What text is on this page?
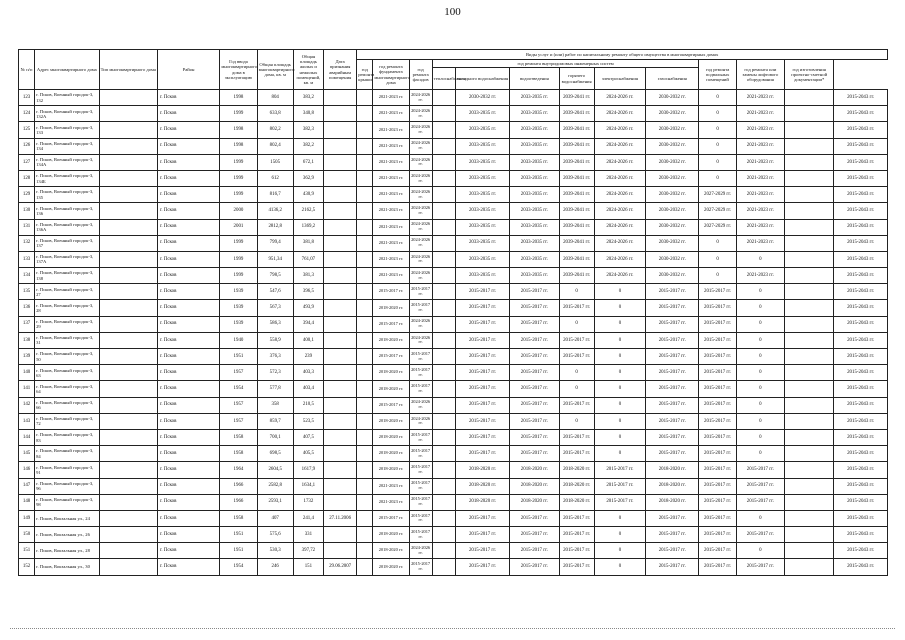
100
№ п/п	Адрес многоквартирного дома	Тип многоквартирного дома	Район	Год ввода многоквартирного дома в эксплуатацию	Общая площадь многоквартирного дома, кв. м	Общая площадь жилых и нежилых помещений, кв. м	Дата признания аварийным помещения	Виды услуг и (или) работ по капитальному ремонту общего имущества в многоквартирных домах												
								год ремонта крыши	год ремонта фундамента многоквартирного дома	год ремонта фасадов	год ремонта внутридомовых инженерных систем						год ремонта подвальных помещений	год ремонта или замены лифтового оборудования	год изготовления проектно-сметной документации*	
											теплоснабжения	холодного водоснабжения	водоотведения	горячего водоснабжения	электроснабжения	газоснабжения				
123	г. Псков, Военный городок-3, 132		г. Псков	1998	804	383,2			2021-2023 гг.	2024-2026 гг.		2030-2032 гг.	2033-2035 гг.	2039-2041 гг.	2024-2026 гг.	2030-2032 гг.	0	2021-2023 гг.		2015-2043 гг.
124	г. Псков, Военный городок-3, 132А		г. Псков	1999	633,8	340,8			2021-2023 гг.	2024-2026 гг.		2033-2035 гг.	2033-2035 гг.	2039-2041 гг.	2024-2026 гг.	2030-2032 гг.	0	2021-2023 гг.		2015-2043 гг.
125	г. Псков, Военный городок-3, 133		г. Псков	1998	802,2	382,3			2021-2023 гг.	2024-2026 гг.		2033-2035 гг.	2033-2035 гг.	2039-2041 гг.	2024-2026 гг.	2030-2032 гг.	0	2021-2023 гг.		2015-2043 гг.
126	г. Псков, Военный городок-3, 134		г. Псков	1998	802,4	382,2			2021-2023 гг.	2024-2026 гг.		2033-2035 гг.	2033-2035 гг.	2039-2041 гг.	2024-2026 гг.	2030-2032 гг.	0	2021-2023 гг.		2015-2043 гг.
127	г. Псков, Военный городок-3, 134А		г. Псков	1999	1505	672,1			2021-2023 гг.	2024-2026 гг.		2033-2035 гг.	2033-2035 гг.	2039-2041 гг.	2024-2026 гг.	2030-2032 гг.	0	2021-2023 гг.		2015-2043 гг.
128	г. Псков, Военный городок-3, 134Б		г. Псков	1999	612	362,9			2021-2023 гг.	2024-2026 гг.		2033-2035 гг.	2033-2035 гг.	2039-2041 гг.	2024-2026 гг.	2030-2032 гг.	0	2021-2023 гг.		2015-2043 гг.
129	г. Псков, Военный городок-3, 135		г. Псков	1999	816,7	430,9			2021-2023 гг.	2024-2026 гг.		2033-2035 гг.	2033-2035 гг.	2039-2041 гг.	2024-2026 гг.	2030-2032 гг.	2027-2029 гг.	2021-2023 гг.		2015-2043 гг.
130	г. Псков, Военный городок-3, 136		г. Псков	2000	4136,2	2162,5			2021-2023 гг.	2024-2026 гг.		2033-2035 гг.	2033-2035 гг.	2039-2041 гг.	2024-2026 гг.	2030-2032 гг.	2027-2029 гг.	2021-2023 гг.		2015-2043 гг.
131	г. Псков, Военный городок-3, 136А		г. Псков	2001	2812,8	1369,2			2021-2023 гг.	2024-2026 гг.		2033-2035 гг.	2033-2035 гг.	2039-2041 гг.	2024-2026 гг.	2030-2032 гг.	2027-2029 гг.	2021-2023 гг.		2015-2043 гг.
132	г. Псков, Военный городок-3, 137		г. Псков	1999	799,4	381,8			2021-2023 гг.	2024-2026 гг.		2033-2035 гг.	2033-2035 гг.	2039-2041 гг.	2024-2026 гг.	2030-2032 гг.	0	2021-2023 гг.		2015-2043 гг.
133	г. Псков, Военный городок-3, 137А		г. Псков	1999	951,34	761,07			2021-2023 гг.	2024-2026 гг.		2033-2035 гг.	2033-2035 гг.	2039-2041 гг.	2024-2026 гг.	2030-2032 гг.	0	0		2015-2043 гг.
134	г. Псков, Военный городок-3, 138		г. Псков	1999	798,5	381,3			2021-2023 гг.	2024-2026 гг.		2033-2035 гг.	2033-2035 гг.	2039-2041 гг.	2024-2026 гг.	2030-2032 гг.	0	2021-2023 гг.		2015-2043 гг.
135	г. Псков, Военный городок-3, 27		г. Псков	1939	547,6	396,5			2015-2017 гг.	2015-2017 гг.		2015-2017 гг.	2015-2017 гг.	0	0	2015-2017 гг.	2015-2017 гг.	0		2015-2043 гг.
136	г. Псков, Военный городок-3, 28		г. Псков	1939	567,3	493,9			2018-2020 гг.	2015-2017 гг.		2015-2017 гг.	2015-2017 гг.	2015-2017 гг.	0	2015-2017 гг.	2015-2017 гг.	0		2015-2043 гг.
137	г. Псков, Военный городок-3, 29		г. Псков	1939	586,3	394,4			2015-2017 гг.	2024-2026 гг.		2015-2017 гг.	2015-2017 гг.	0	0	2015-2017 гг.	2015-2017 гг.	0		2015-2043 гг.
138	г. Псков, Военный городок-3, 31		г. Псков	1940	558,9	400,1			2018-2020 гг.	2024-2026 гг.		2015-2017 гг.	2015-2017 гг.	2015-2017 гг.	0	2015-2017 гг.	2015-2017 гг.	0		2015-2043 гг.
139	г. Псков, Военный городок-3, 50		г. Псков	1951	376,3	239			2015-2017 гг.	2015-2017 гг.		2015-2017 гг.	2015-2017 гг.	2015-2017 гг.	0	2015-2017 гг.	2015-2017 гг.	0		2015-2043 гг.
140	г. Псков, Военный городок-3, 63		г. Псков	1957	572,3	403,3			2018-2020 гг.	2015-2017 гг.		2015-2017 гг.	2015-2017 гг.	0	0	2015-2017 гг.	2015-2017 гг.	0		2015-2043 гг.
141	г. Псков, Военный городок-3, 64		г. Псков	1954	577,8	403,4			2018-2020 гг.	2015-2017 гг.		2015-2017 гг.	2015-2017 гг.	0	0	2015-2017 гг.	2015-2017 гг.	0		2015-2043 гг.
142	г. Псков, Военный городок-3, 66		г. Псков	1957	358	210,5			2015-2017 гг.	2024-2026 гг.		2015-2017 гг.	2015-2017 гг.	2015-2017 гг.	0	2015-2017 гг.	2015-2017 гг.	0		2015-2043 гг.
143	г. Псков, Военный городок-3, 72		г. Псков	1957	859,7	523,5			2018-2020 гг.	2024-2026 гг.		2015-2017 гг.	2015-2017 гг.	0	0	2015-2017 гг.	2015-2017 гг.	0		2015-2043 гг.
144	г. Псков, Военный городок-3, 83		г. Псков	1958	700,1	407,5			2018-2020 гг.	2015-2017 гг.		2015-2017 гг.	2015-2017 гг.	2015-2017 гг.	0	2015-2017 гг.	2015-2017 гг.	0		2015-2043 гг.
145	г. Псков, Военный городок-3, 84		г. Псков	1958	698,5	405,5			2018-2020 гг.	2015-2017 гг.		2015-2017 гг.	2015-2017 гг.	2015-2017 гг.	0	2015-2017 гг.	2015-2017 гг.	0		2015-2043 гг.
146	г. Псков, Военный городок-3, 91		г. Псков	1964	2604,5	1617,9			2018-2020 гг.	2015-2017 гг.		2018-2020 гг.	2018-2020 гг.	2018-2020 гг.	2015-2017 гг.	2018-2020 гг.	2015-2017 гг.	2015-2017 гг.		2015-2043 гг.
147	г. Псков, Военный городок-3, 96		г. Псков	1966	2582,8	1634,1			2021-2023 гг.	2015-2017 гг.		2018-2020 гг.	2018-2020 гг.	2018-2020 гг.	2015-2017 гг.	2018-2020 гг.	2015-2017 гг.	2015-2017 гг.		2015-2043 гг.
148	г. Псков, Военный городок-3, 98		г. Псков	1966	2593,1	1732			2021-2023 гг.	2015-2017 гг.		2018-2020 гг.	2018-2020 гг.	2018-2020 гг.	2015-2017 гг.	2018-2020 гг.	2015-2017 гг.	2015-2017 гг.		2015-2043 гг.
149	г. Псков, Вокзальная ул., 24		г. Псков	1958	407	241,4	27.11.2006		2015-2017 гг.	2015-2017 гг.		2015-2017 гг.	2015-2017 гг.	2015-2017 гг.	0	2015-2017 гг.	2015-2017 гг.	0		2015-2043 гг.
150	г. Псков, Вокзальная ул., 26		г. Псков	1951	575,6	331			2018-2020 гг.	2015-2017 гг.		2015-2017 гг.	2015-2017 гг.	2015-2017 гг.	0	2015-2017 гг.	2015-2017 гг.	2015-2017 гг.		2015-2043 гг.
151	г. Псков, Вокзальная ул., 28		г. Псков	1951	530,3	397,72			2018-2020 гг.	2024-2026 гг.		2015-2017 гг.	2015-2017 гг.	2015-2017 гг.	0	2015-2017 гг.	2015-2017 гг.	0		2015-2043 гг.
152	г. Псков, Вокзальная ул., 30		г. Псков	1954	246	151	29.06.2007		2018-2020 гг.	2015-2017 гг.		2015-2017 гг.	2015-2017 гг.	2015-2017 гг.	0	2015-2017 гг.	2015-2017 гг.	2015-2017 гг.		2015-2043 гг.
